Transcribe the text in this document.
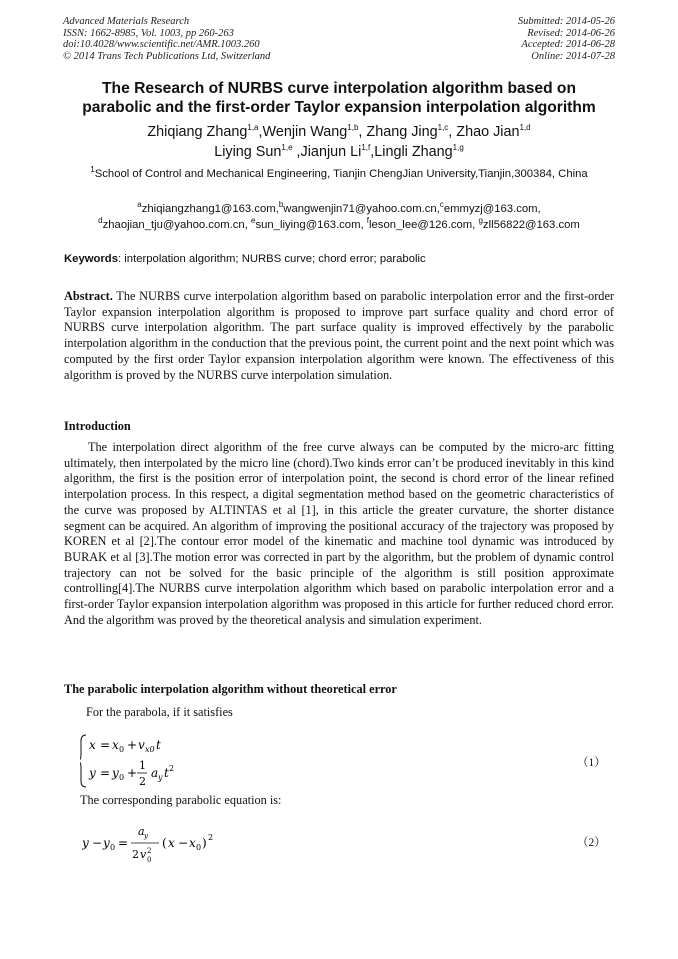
Advanced Materials Research
ISSN: 1662-8985, Vol. 1003, pp 260-263
doi:10.4028/www.scientific.net/AMR.1003.260
© 2014 Trans Tech Publications Ltd, Switzerland
Submitted: 2014-05-26
Revised: 2014-06-26
Accepted: 2014-06-28
Online: 2014-07-28
The Research of NURBS curve interpolation algorithm based on
parabolic and the first-order Taylor expansion interpolation algorithm
Zhiqiang Zhang$^{1,a}$,Wenjin Wang$^{1,b}$, Zhang Jing$^{1,c}$, Zhao Jian$^{1,d}$
Liying Sun$^{1,e}$ ,Jianjun Li$^{1,f}$,Lingli Zhang$^{1,g}$
$^1$School of Control and Mechanical Engineering, Tianjin ChengJian University,Tianjin,300384, China
$^a$zhiqiangzhang1@163.com,$^b$wangwenjin71@yahoo.com.cn,$^c$emmyzj@163.com,
$^d$zhaojian_tju@yahoo.com.cn, $^e$sun_liying@163.com, $^f$leson_lee@126.com, $^g$zll56822@163.com
Keywords: interpolation algorithm; NURBS curve; chord error; parabolic
Abstract. The NURBS curve interpolation algorithm based on parabolic interpolation error and the first-order Taylor expansion interpolation algorithm is proposed to improve part surface quality and chord error of NURBS curve interpolation algorithm. The part surface quality is improved effectively by the parabolic interpolation algorithm in the conduction that the previous point, the current point and the next point which was computed by the first order Taylor expansion interpolation algorithm were known. The effectiveness of this algorithm is proved by the NURBS curve interpolation simulation.
Introduction
The interpolation direct algorithm of the free curve always can be computed by the micro-arc fitting ultimately, then interpolated by the micro line (chord).Two kinds error can’t be produced inevitably in this kind algorithm, the first is the position error of interpolation point, the second is chord error of the linear refined interpolation process. In this respect, a digital segmentation method based on the geometric characteristics of the curve was proposed by ALTINTAS et al [1], in this article the greater curvature, the shorter distance segment can be acquired. An algorithm of improving the positional accuracy of the trajectory was proposed by KOREN et al [2].The contour error model of the kinematic and machine tool dynamic was introduced by BURAK et al [3].The motion error was corrected in part by the algorithm, but the problem of dynamic control trajectory can not be solved for the basic principle of the algorithm is still position approximate controlling[4].The NURBS curve interpolation algorithm which based on parabolic interpolation error and a first-order Taylor expansion interpolation algorithm was proposed in this article for further reduced chord error. And the algorithm was proved by the theoretical analysis and simulation experiment.
The parabolic interpolation algorithm without theoretical error
For the parabola, if it satisfies
x = x 0 + v x0 t
y = y 0 +
1
2
a y t 2	（1）
The corresponding parabolic equation is:
y − y 0 =
a y
2 v 2
0
( x − x 0 ) 2	（2）
